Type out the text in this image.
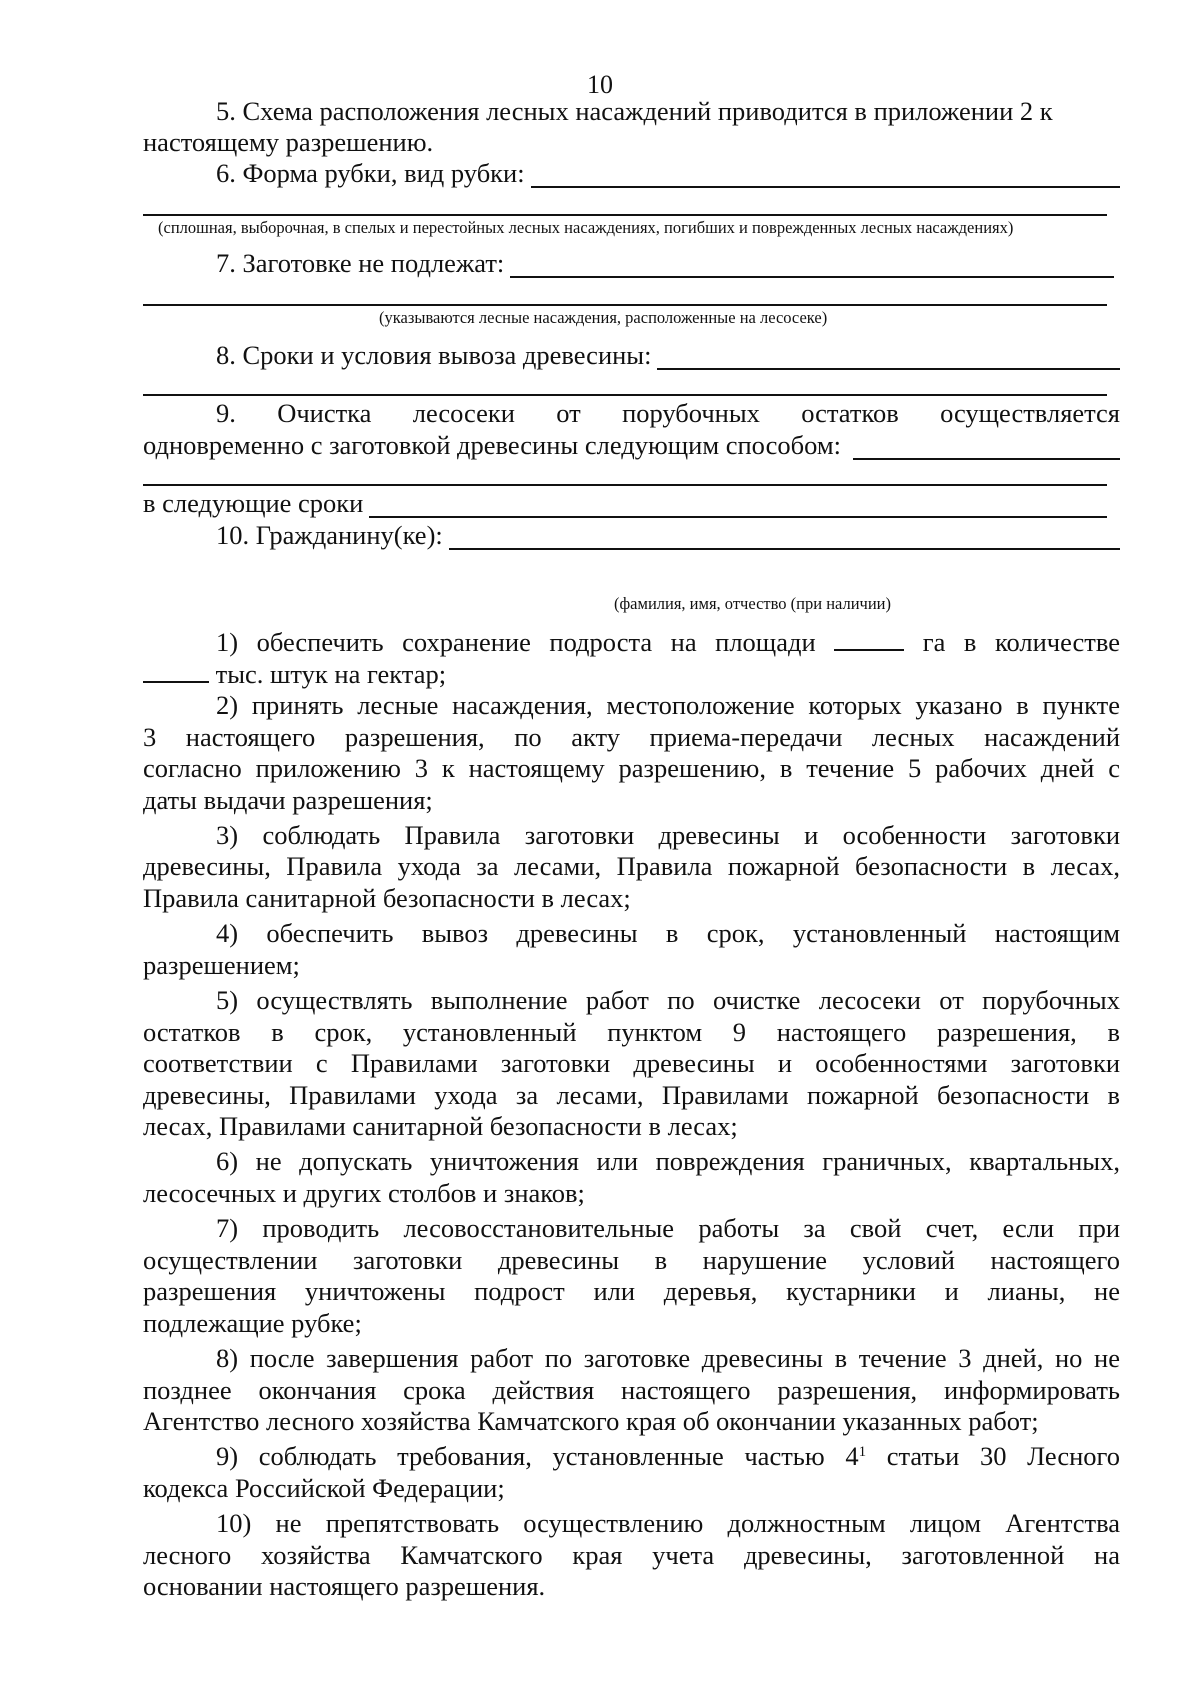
10
5. Схема расположения лесных насаждений приводится в приложении 2 к
настоящему разрешению.
6. Форма рубки, вид рубки:
(сплошная, выборочная, в спелых и перестойных лесных насаждениях, погибших и поврежденных лесных насаждениях)
7. Заготовке не подлежат:
(указываются лесные насаждения, расположенные на лесосеке)
8. Сроки и условия вывоза древесины:
9. Очистка лесосеки от порубочных остатков осуществляется
одновременно с заготовкой древесины следующим способом:
в следующие сроки
10. Гражданину(ке):
(фамилия, имя, отчество (при наличии)
1) обеспечить сохранение подроста на площади	га в количестве
тыс. штук на гектар;
2) принять лесные насаждения, местоположение которых указано в пункте
3 настоящего разрешения, по акту приема-передачи лесных насаждений
согласно приложению 3 к настоящему разрешению, в течение 5 рабочих дней с
даты выдачи разрешения;
3) соблюдать Правила заготовки древесины и особенности заготовки
древесины, Правила ухода за лесами, Правила пожарной безопасности в лесах,
Правила санитарной безопасности в лесах;
4) обеспечить вывоз древесины в срок, установленный настоящим
разрешением;
5) осуществлять выполнение работ по очистке лесосеки от порубочных
остатков в срок, установленный пунктом 9 настоящего разрешения, в
соответствии с Правилами заготовки древесины и особенностями заготовки
древесины, Правилами ухода за лесами, Правилами пожарной безопасности в
лесах, Правилами санитарной безопасности в лесах;
6) не допускать уничтожения или повреждения граничных, квартальных,
лесосечных и других столбов и знаков;
7) проводить лесовосстановительные работы за свой счет, если при
осуществлении заготовки древесины в нарушение условий настоящего
разрешения уничтожены подрост или деревья, кустарники и лианы, не
подлежащие рубке;
8) после завершения работ по заготовке древесины в течение 3 дней, но не
позднее окончания срока действия настоящего разрешения, информировать
Агентство лесного хозяйства Камчатского края об окончании указанных работ;
9) соблюдать требования, установленные частью $4^1$ статьи 30 Лесного
кодекса Российской Федерации;
10) не препятствовать осуществлению должностным лицом Агентства
лесного хозяйства Камчатского края учета древесины, заготовленной на
основании настоящего разрешения.
